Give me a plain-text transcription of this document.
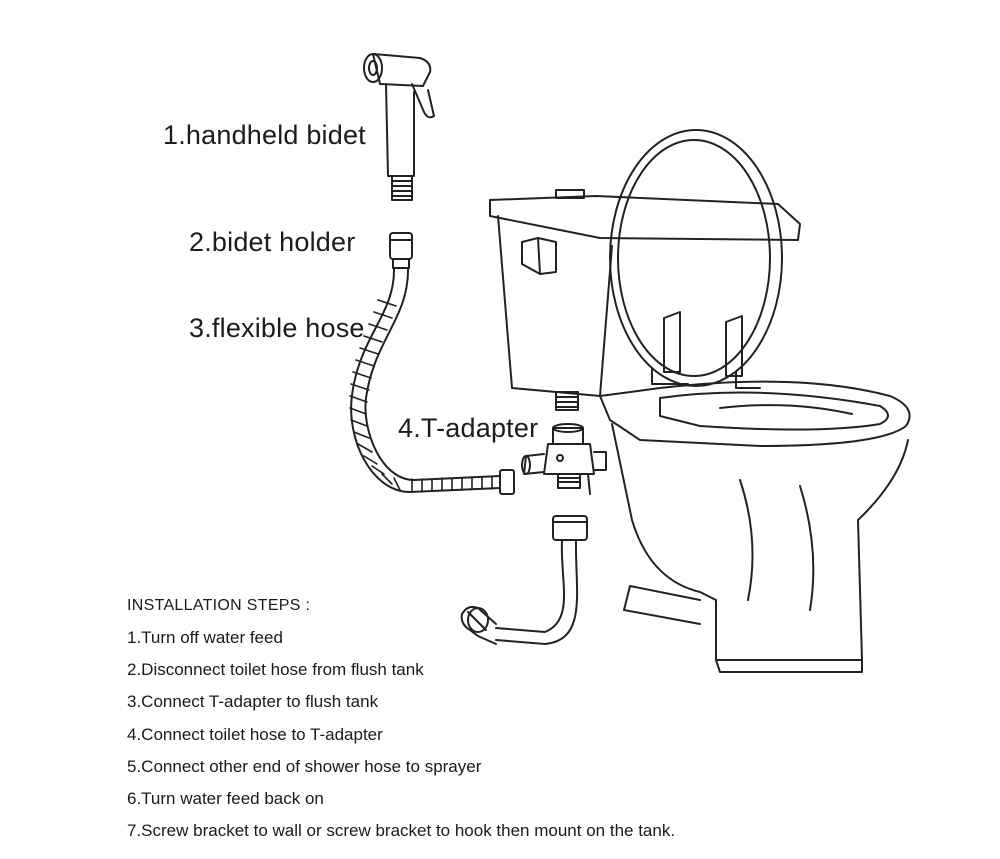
1.handheld bidet
2.bidet holder
3.flexible hose
4.T-adapter
INSTALLATION STEPS :
1.Turn off water feed
2.Disconnect toilet hose from flush tank
3.Connect T-adapter to flush tank
4.Connect toilet hose to T-adapter
5.Connect other end of shower hose to sprayer
6.Turn water feed back on
7.Screw bracket to wall or screw bracket to hook then mount on the tank.
